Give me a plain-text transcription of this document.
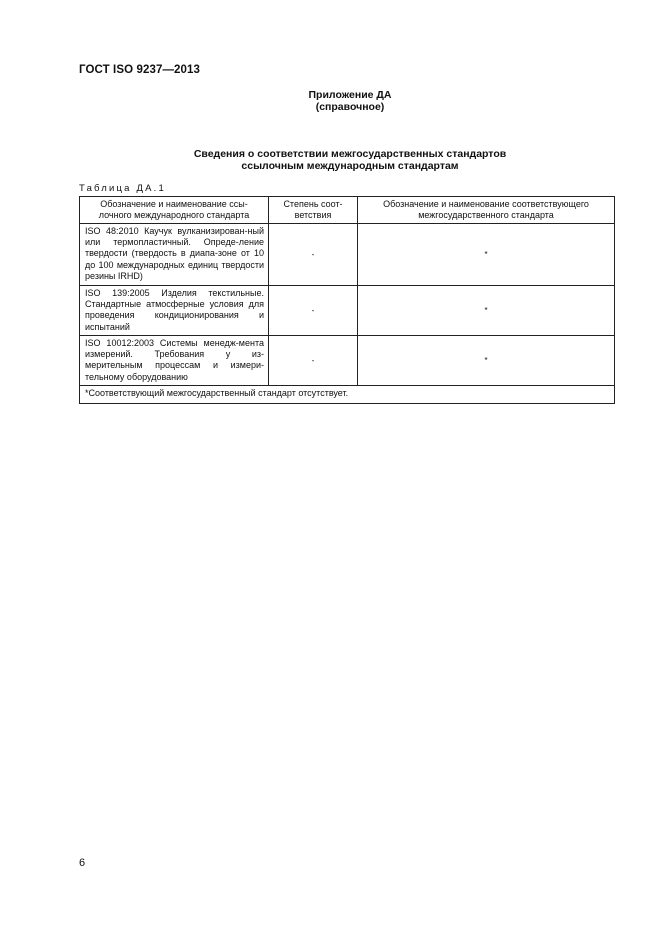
ГОСТ ISO 9237—2013
Приложение ДА
(справочное)
Сведения о соответствии межгосударственных стандартов
ссылочным международным стандартам
Таблица ДА.1
Обозначение и наименование ссы-лочного международного стандарта	Степень соот-ветствия	Обозначение и наименование соответствующего межгосударственного стандарта
ISO 48:2010 Каучук вулканизирован-ный или термопластичный. Опреде-ление твердости (твердость в диапа-зоне от 10 до 100 международных единиц твердости резины IRHD)	-	*
ISO 139:2005 Изделия текстильные. Стандартные атмосферные условия для проведения кондиционирования и испытаний	-	*
ISO 10012:2003 Системы менедж-мента измерений. Требования у из-мерительным процессам и измери-тельному оборудованию	-	*
*Соответствующий межгосударственный стандарт отсутствует.		
6
